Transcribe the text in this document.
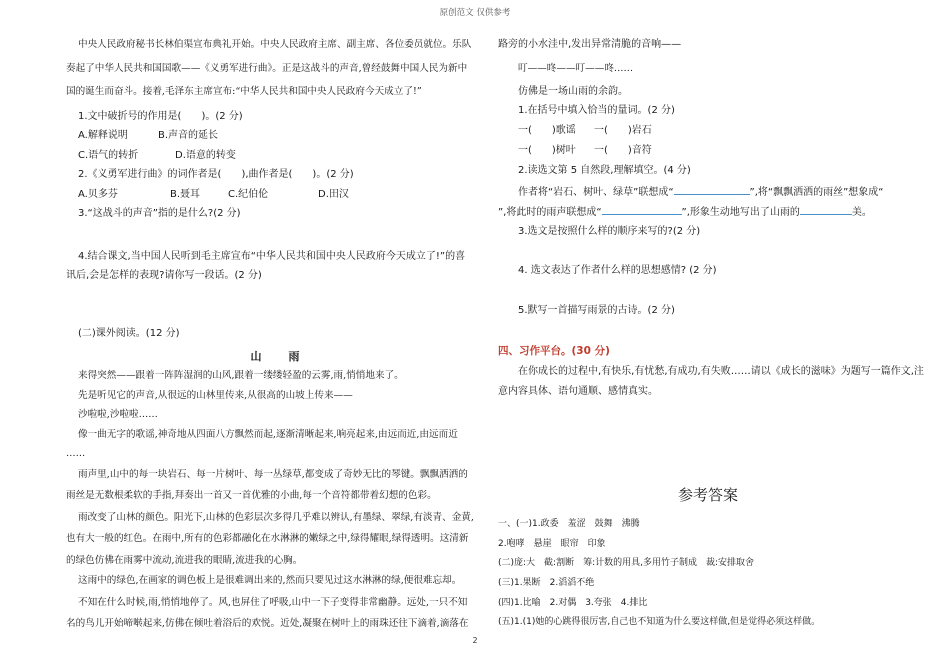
原创范文 仅供参考
中央人民政府秘书长林伯渠宣布典礼开始。中央人民政府主席、副主席、各位委员就位。乐队
奏起了中华人民共和国国歌——《义勇军进行曲》。正是这战斗的声音,曾经鼓舞中国人民为新中
国的诞生而奋斗。接着,毛泽东主席宣布:“中华人民共和国中央人民政府今天成立了!”
1.文中破折号的作用是(　　)。(2 分)
A.解释说明	B.声音的延长
C.语气的转折	D.语意的转变
2.《义勇军进行曲》的词作者是(　　),曲作者是(　　)。(2 分)
A.贝多芬	B.聂耳	C.纪伯伦	D.田汉
3.“这战斗的声音”指的是什么?(2 分)
4.结合课文,当中国人民听到毛主席宣布“中华人民共和国中央人民政府今天成立了!”的喜
讯后,会是怎样的表现?请你写一段话。(2 分)
(二)课外阅读。(12 分)
山　雨
来得突然——跟着一阵阵湿润的山风,跟着一缕缕轻盈的云雾,雨,悄悄地来了。
先是听见它的声音,从很远的山林里传来,从很高的山坡上传来——
沙啦啦,沙啦啦……
像一曲无字的歌谣,神奇地从四面八方飘然而起,逐渐清晰起来,响亮起来,由远而近,由远而近
……
雨声里,山中的每一块岩石、每一片树叶、每一丛绿草,都变成了奇妙无比的琴键。飘飘洒洒的
雨丝是无数根柔软的手指,拜奏出一首又一首优雅的小曲,每一个音符都带着幻想的色彩。
雨改变了山林的颜色。阳光下,山林的色彩层次多得几乎难以辨认,有墨绿、翠绿,有淡青、金黄,
也有大一般的红色。在雨中,所有的色彩都融化在水淋淋的嫩绿之中,绿得耀眼,绿得透明。这清新
的绿色仿佛在雨雾中流动,流进我的眼睛,流进我的心胸。
这雨中的绿色,在画家的调色板上是很难调出来的,然而只要见过这水淋淋的绿,便很难忘却。
不知在什么时候,雨,悄悄地停了。风,也屏住了呼吸,山中一下子变得非常幽静。远处,一只不知
名的鸟儿开始啼啭起来,仿佛在倾吐着浴后的欢悦。近处,凝聚在树叶上的雨珠还往下滴着,滴落在
路旁的小水洼中,发出异常清脆的音响——
叮——咚——叮——咚……
仿佛是一场山雨的余韵。
1.在括号中填入恰当的量词。(2 分)
一(　　)歌谣 一(　　)岩石
一(　　)树叶 一(　　)音符
2.读选文第 5 自然段,理解填空。(4 分)
作者将“岩石、树叶、绿草”联想成“	”,将“飘飘洒洒的雨丝”想象成“
”,将此时的雨声联想成“	”,形象生动地写出了山雨的	美。
3.选文是按照什么样的顺序来写的?(2 分)
4. 选文表达了作者什么样的思想感情? (2 分)
5.默写一首描写雨景的古诗。(2 分)
四、习作平台。(30 分)
在你成长的过程中,有快乐,有忧愁,有成功,有失败……请以《成长的滋味》为题写一篇作文,注
意内容具体、语句通顺、感情真实。
参考答案
一、(一)1.政委　羞涩　鼓舞　沸腾
2.咆哮　悬崖　眼帘　印象
(二)庞:大　截:割断　筹:计数的用具,多用竹子制成　裁:安排取舍
(三)1.果断　2.滔滔不绝
(四)1.比喻　2.对偶　3.夸张　4.排比
(五)1.(1)她的心跳得很厉害,自己也不知道为什么要这样做,但是觉得必须这样做。
2
